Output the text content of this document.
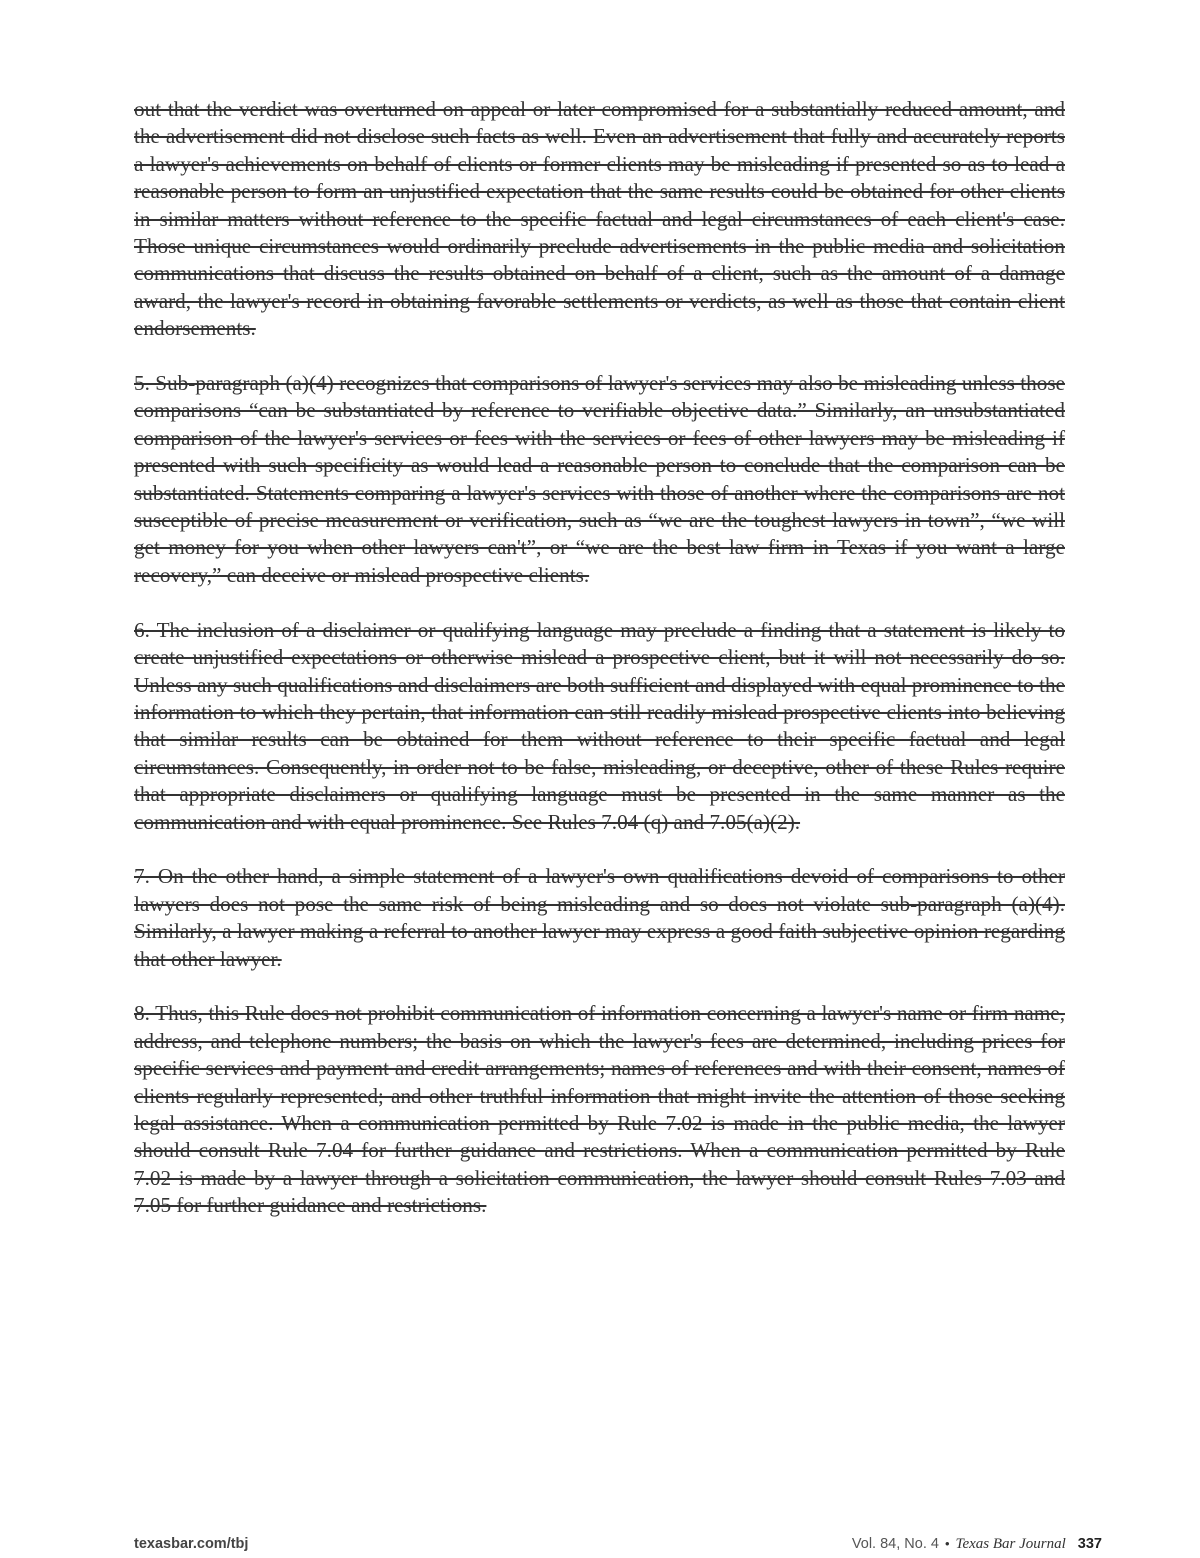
out that the verdict was overturned on appeal or later compromised for a substantially reduced amount, and the advertisement did not disclose such facts as well. Even an advertisement that fully and accurately reports a lawyer's achievements on behalf of clients or former clients may be misleading if presented so as to lead a reasonable person to form an unjustified expectation that the same results could be obtained for other clients in similar matters without reference to the specific factual and legal circumstances of each client's case. Those unique circumstances would ordinarily preclude advertisements in the public media and solicitation communications that discuss the results obtained on behalf of a client, such as the amount of a damage award, the lawyer's record in obtaining favorable settlements or verdicts, as well as those that contain client endorsements.

5. Sub-paragraph (a)(4) recognizes that comparisons of lawyer's services may also be misleading unless those comparisons “can be substantiated by reference to verifiable objective data.” Similarly, an unsubstantiated comparison of the lawyer's services or fees with the services or fees of other lawyers may be misleading if presented with such specificity as would lead a reasonable person to conclude that the comparison can be substantiated. Statements comparing a lawyer's services with those of another where the comparisons are not susceptible of precise measurement or verification, such as “we are the toughest lawyers in town”, “we will get money for you when other lawyers can't”, or “we are the best law firm in Texas if you want a large recovery,” can deceive or mislead prospective clients.

6. The inclusion of a disclaimer or qualifying language may preclude a finding that a statement is likely to create unjustified expectations or otherwise mislead a prospective client, but it will not necessarily do so. Unless any such qualifications and disclaimers are both sufficient and displayed with equal prominence to the information to which they pertain, that information can still readily mislead prospective clients into believing that similar results can be obtained for them without reference to their specific factual and legal circumstances. Consequently, in order not to be false, misleading, or deceptive, other of these Rules require that appropriate disclaimers or qualifying language must be presented in the same manner as the communication and with equal prominence. See Rules 7.04 (q) and 7.05(a)(2).

7. On the other hand, a simple statement of a lawyer's own qualifications devoid of comparisons to other lawyers does not pose the same risk of being misleading and so does not violate sub-paragraph (a)(4). Similarly, a lawyer making a referral to another lawyer may express a good faith subjective opinion regarding that other lawyer.

8. Thus, this Rule does not prohibit communication of information concerning a lawyer's name or firm name, address, and telephone numbers; the basis on which the lawyer's fees are determined, including prices for specific services and payment and credit arrangements; names of references and with their consent, names of clients regularly represented; and other truthful information that might invite the attention of those seeking legal assistance. When a communication permitted by Rule 7.02 is made in the public media, the lawyer should consult Rule 7.04 for further guidance and restrictions. When a communication permitted by Rule 7.02 is made by a lawyer through a solicitation communication, the lawyer should consult Rules 7.03 and 7.05 for further guidance and restrictions.

texasbar.com/tbj	Vol. 84, No. 4 • Texas Bar Journal 337
